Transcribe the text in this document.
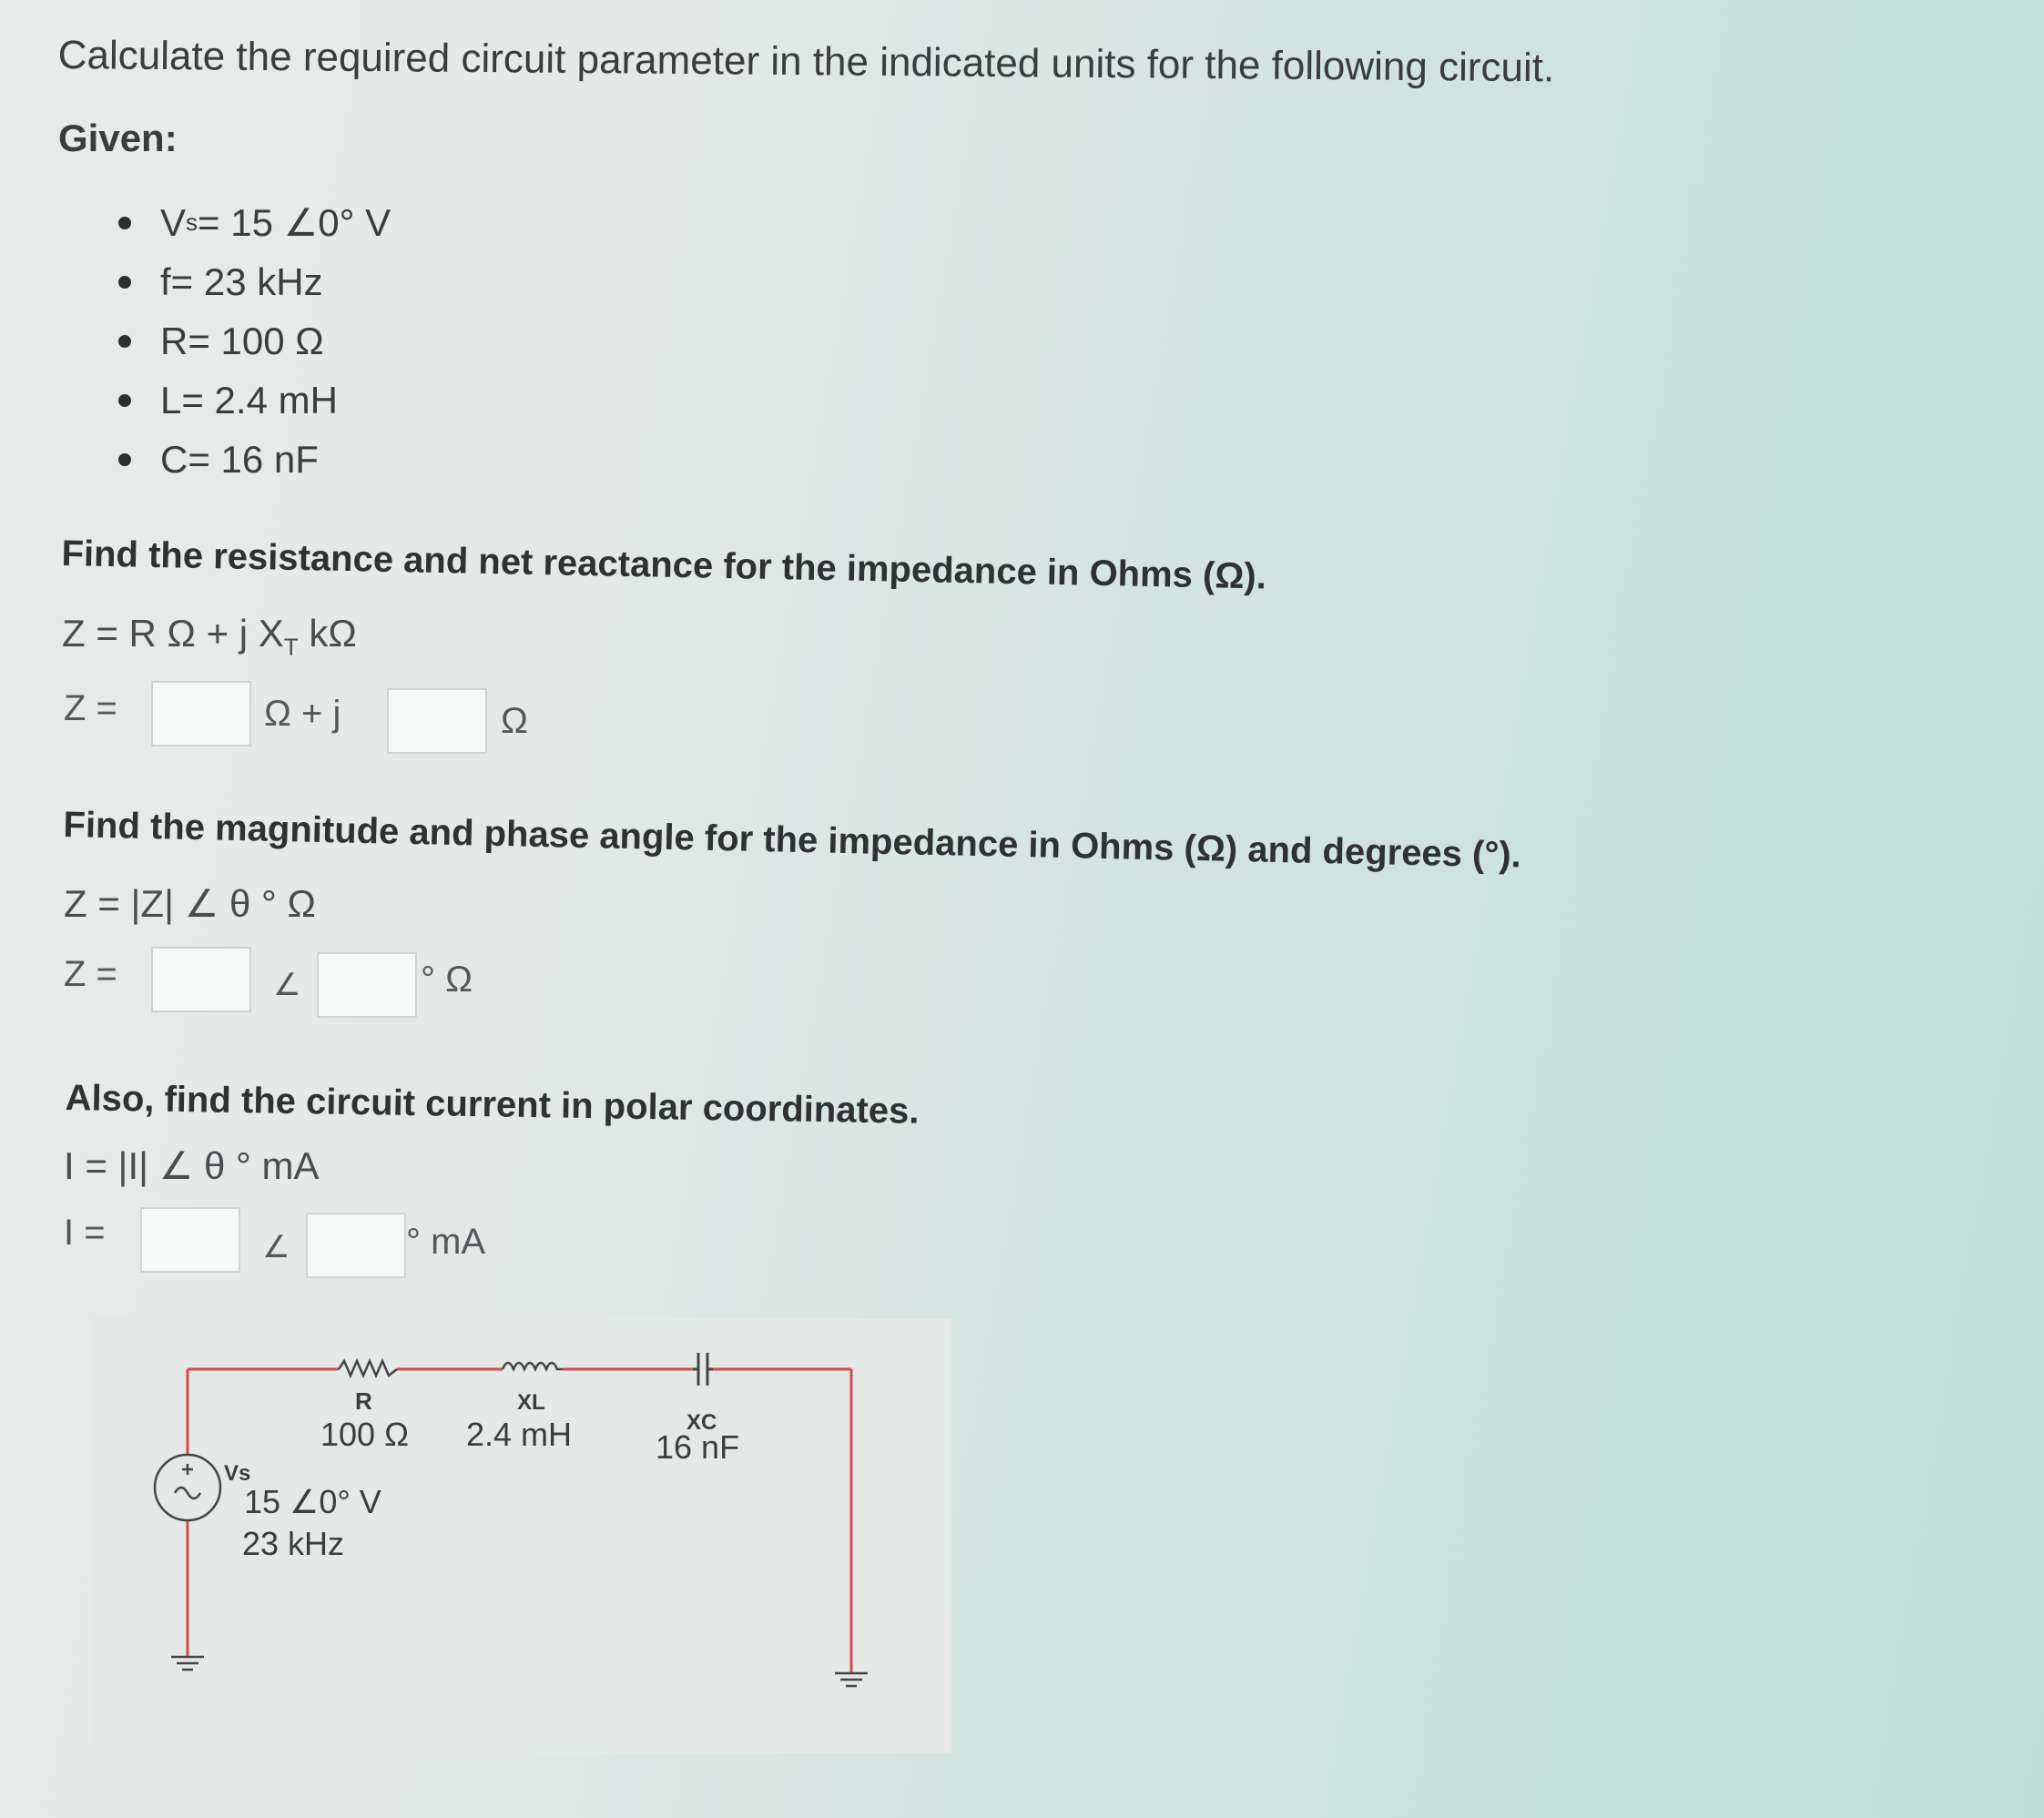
Calculate the required circuit parameter in the indicated units for the following circuit.
Given:
V s = 15 ∠0° V
f = 23 kHz
R = 100 Ω
L = 2.4 mH
C = 16 nF
Find the resistance and net reactance for the impedance in Ohms (Ω).
Z = R Ω + j $X_T$ kΩ
Z =	Ω + j	Ω
Find the magnitude and phase angle for the impedance in Ohms (Ω) and degrees (°).
Z = |Z| ∠ θ ° Ω
Z =	∠	° Ω
Also, find the circuit current in polar coordinates.
I = |I| ∠ θ ° mA
I =	∠	° mA
R
100 Ω
XL
2.4 mH	XC
16 nF
Vs
15 ∠0° V
23 kHz
